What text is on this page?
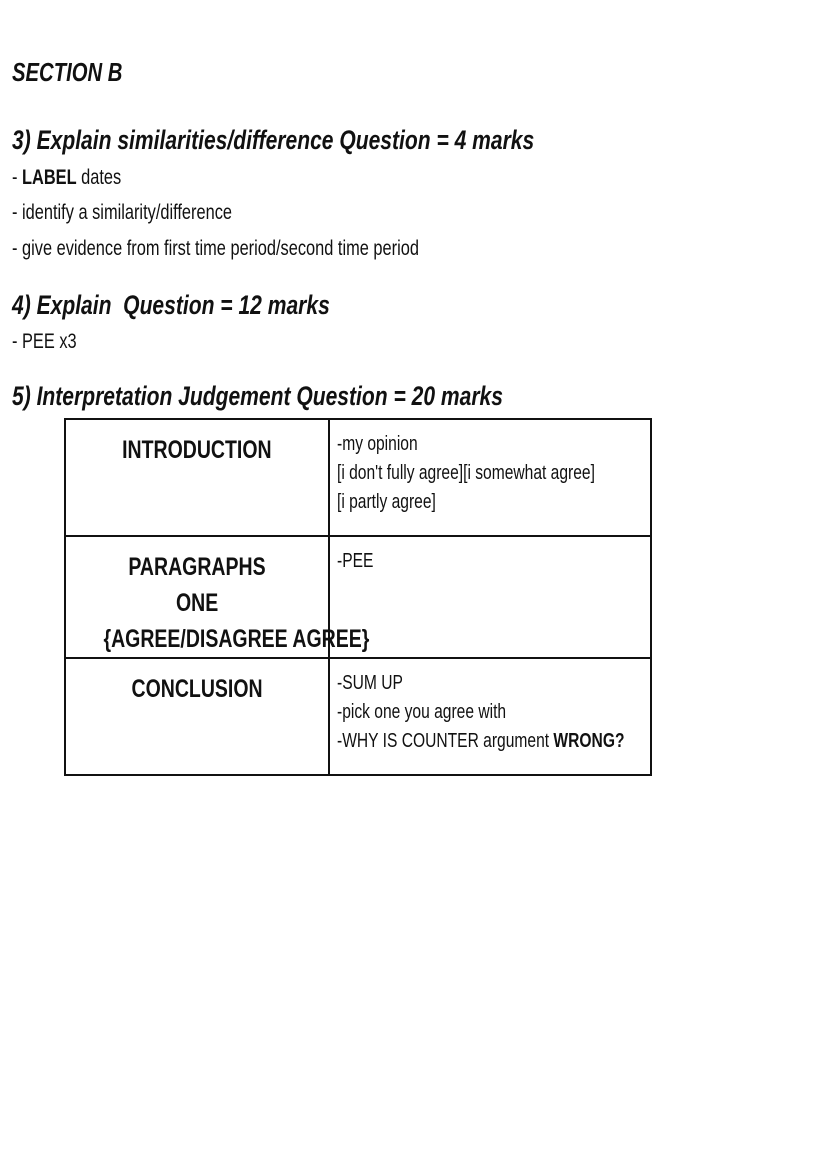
SECTION B
3) Explain similarities/difference Question = 4 marks

- LABEL dates

- identify a similarity/difference

- give evidence from first time period/second time period

4) Explain  Question = 12 marks

- PEE x3

5) Interpretation Judgement Question = 20 marks
INTRODUCTION	-my opinion
[i don't fully agree][i somewhat agree]
[i partly agree]

PARAGRAPHS
ONE
{AGREE/DISAGREE AGREE}	-PEE

CONCLUSION	-SUM UP
-pick one you agree with
-WHY IS COUNTER argument WRONG?
